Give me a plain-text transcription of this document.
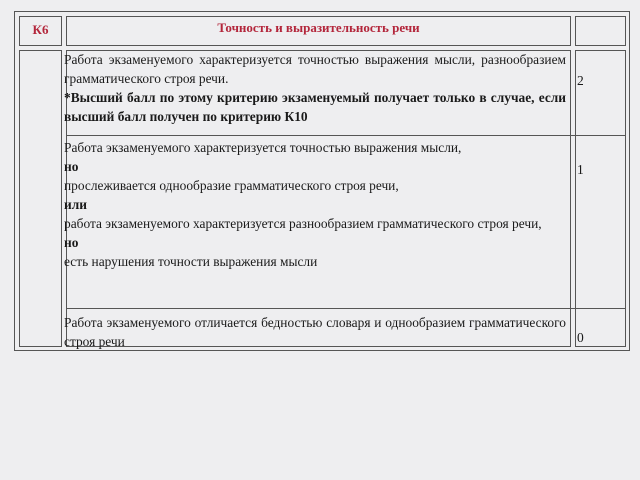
К6	Точность и выразительность речи

Работа экзаменуемого характеризуется точностью выражения мысли, разнообразием грамматического строя речи.

*Высший балл по этому критерию экзаменуемый получает только в случае, если высший балл получен по критерию К10

2

Работа экзаменуемого характеризуется точностью выражения мысли,

но

прослеживается однообразие грамматического строя речи,

или

работа экзаменуемого характеризуется разнообразием грамматического строя речи,

но

есть нарушения точности выражения мысли

1

Работа экзаменуемого отличается бедностью словаря и однообразием грамматического строя речи	0
